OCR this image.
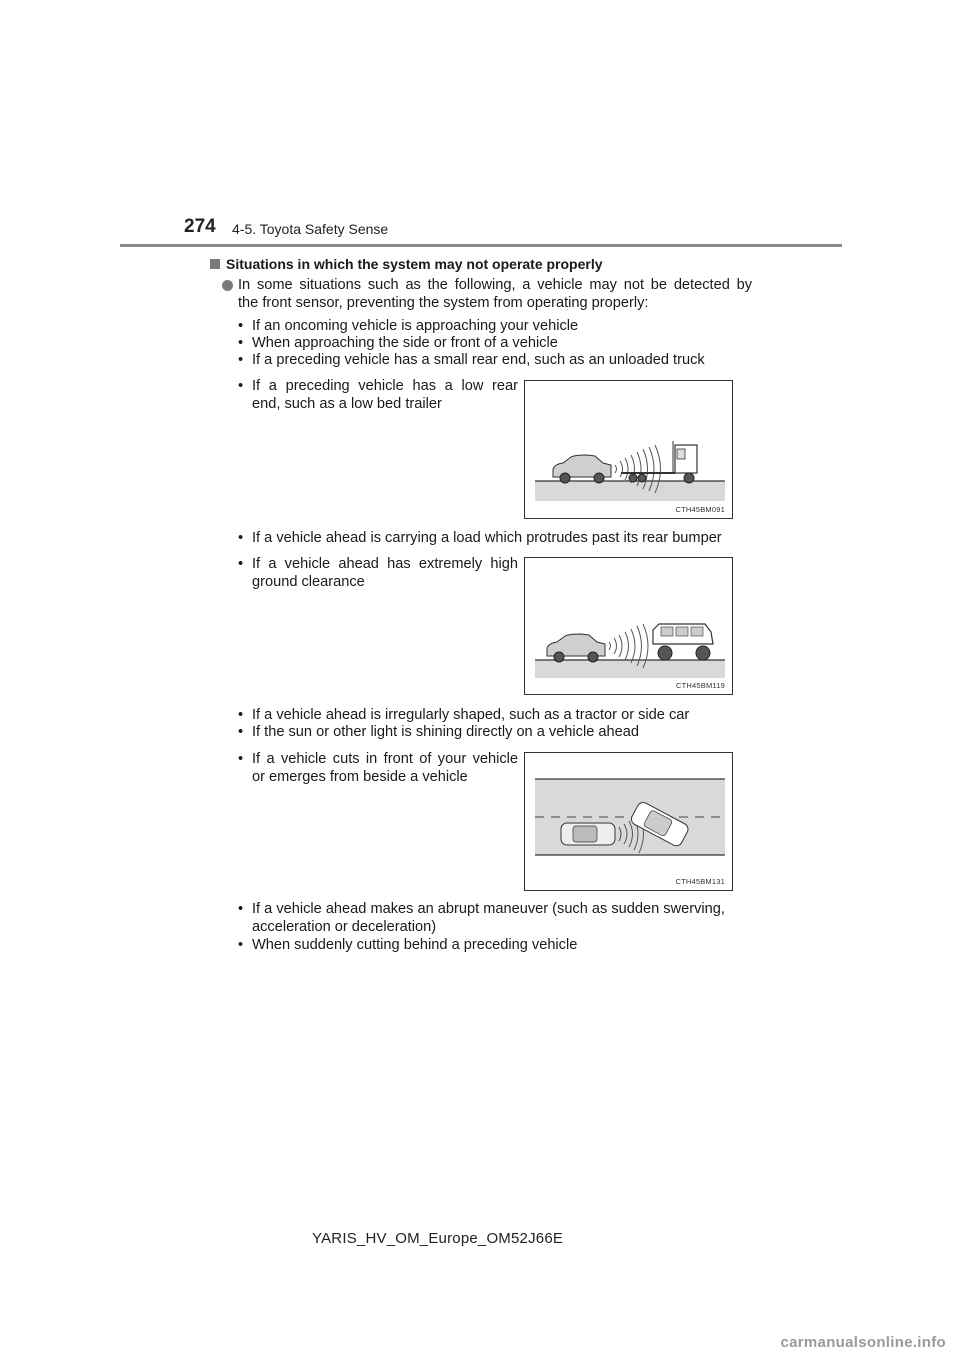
274 4-5. Toyota Safety Sense
Situations in which the system may not operate properly
In some situations such as the following, a vehicle may not be detected by
the front sensor, preventing the system from operating properly:
• If an oncoming vehicle is approaching your vehicle
• When approaching the side or front of a vehicle
• If a preceding vehicle has a small rear end, such as an unloaded truck
• If a preceding vehicle has a low rear
end, such as a low bed trailer
CTH45BM091
• If a vehicle ahead is carrying a load which protrudes past its rear bumper
• If a vehicle ahead has extremely high
ground clearance
CTH45BM119
• If a vehicle ahead is irregularly shaped, such as a tractor or side car
• If the sun or other light is shining directly on a vehicle ahead
• If a vehicle cuts in front of your vehicle
or emerges from beside a vehicle
CTH45BM131
• If a vehicle ahead makes an abrupt maneuver (such as sudden swerving,
acceleration or deceleration)
• When suddenly cutting behind a preceding vehicle
YARIS_HV_OM_Europe_OM52J66E
carmanualsonline.info
